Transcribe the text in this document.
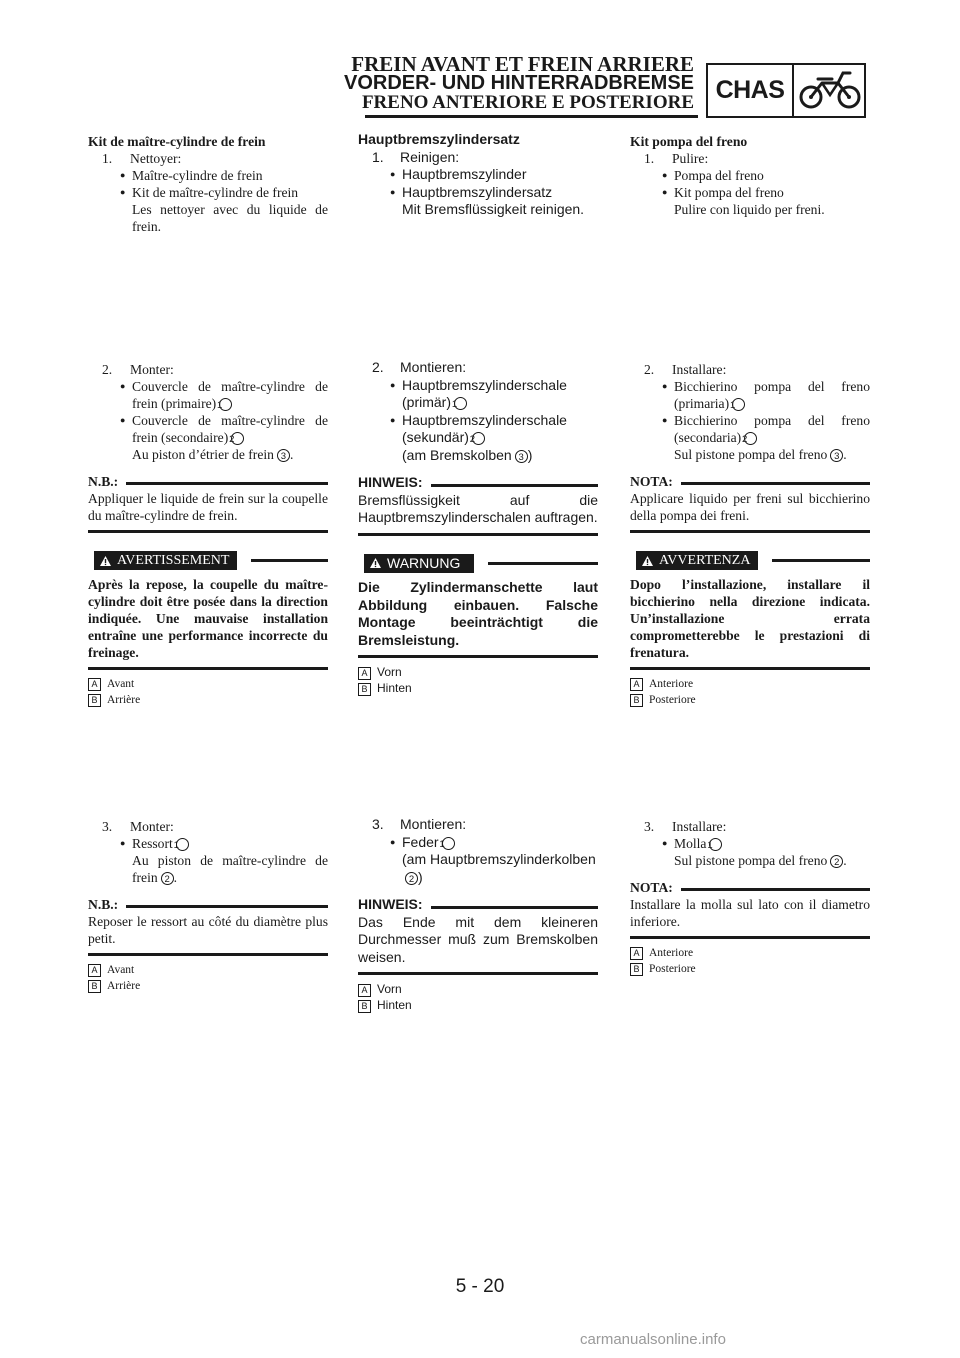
FREIN AVANT ET FREIN ARRIERE
VORDER- UND HINTERRADBREMSE
FRENO ANTERIORE E POSTERIORE CHAS
Kit de maître-cylindre de frein
1. Nettoyer:
● Maître-cylindre de frein
● Kit de maître-cylindre de frein
Les nettoyer avec du liquide de frein.
2. Monter:
● Couvercle de maître-cylindre de frein (primaire)1
● Couvercle de maître-cylindre de frein (secondaire)2
Au piston d’étrier de frein 3 .
N.B.:
Appliquer le liquide de frein sur la coupelle du maître-cylindre de frein.
AVERTISSEMENT
Après la repose, la coupelle du maître-cylindre doit être posée dans la direction indiquée. Une mauvaise installation entraîne une performance incorrecte du freinage.
A Avant
B Arrière
3. Monter:
● Ressort1
Au piston de maître-cylindre de frein 2 .
N.B.:
Reposer le ressort au côté du diamètre plus petit.
A Avant
B Arrière
Hauptbremszylindersatz
1. Reinigen:
● Hauptbremszylinder
● Hauptbremszylindersatz
Mit Bremsflüssigkeit reinigen.
2. Montieren:
● Hauptbremszylinderschale (primär)1
● Hauptbremszylinderschale (sekundär)2
(am Bremskolben 3 )
HINWEIS:
Bremsflüssigkeit auf die Hauptbremszylinderschalen auftragen.
WARNUNG
Die Zylindermanschette laut Abbildung einbauen. Falsche Montage beeinträchtigt die Bremsleistung.
A Vorn
B Hinten
3. Montieren:
● Feder1
(am Hauptbremszylinderkolben2 )
HINWEIS:
Das Ende mit dem kleineren Durchmesser muß zum Bremskolben weisen.
A Vorn
B Hinten
Kit pompa del freno
1. Pulire:
● Pompa del freno
● Kit pompa del freno
Pulire con liquido per freni.
2. Installare:
● Bicchierino pompa del freno (primaria)1
● Bicchierino pompa del freno (secondaria)2
Sul pistone pompa del freno 3 .
NOTA:
Applicare liquido per freni sul bicchierino della pompa dei freni.
AVVERTENZA
Dopo l’installazione, installare il bicchierino nella direzione indicata. Un’installazione errata comprometterebbe le prestazioni di frenatura.
A Anteriore
B Posteriore
3. Installare:
● Molla1
Sul pistone pompa del freno 2 .
NOTA:
Installare la molla sul lato con il diametro inferiore.
A Anteriore
B Posteriore
5 - 20
carmanualsonline.info
